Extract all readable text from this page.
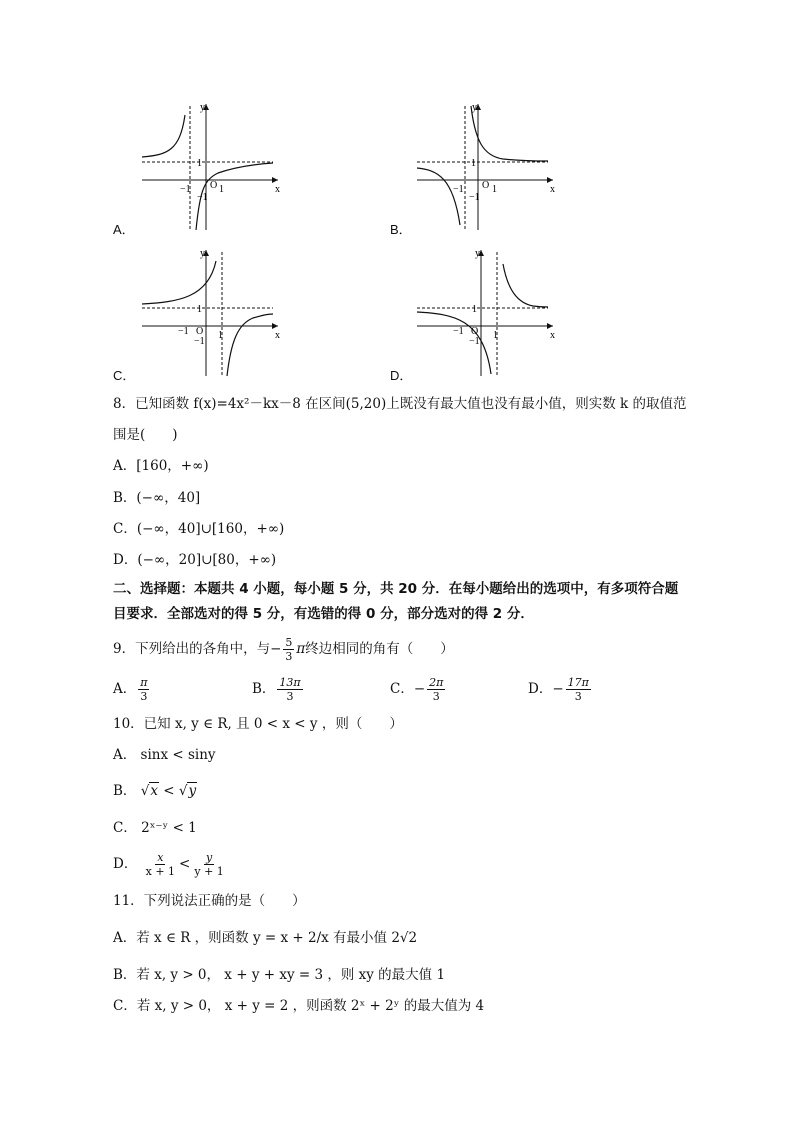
y
x
O 1
1
−1
−1
A．
y
x
O 1
1
−1
−1
B．
y
x
O 1
1
−1
−1
C．
y
x
O 1
1
−1
−1
D．
8．已知函数 f(x)=4x²－kx－8 在区间(5,20)上既没有最大值也没有最小值，则实数 k 的取值范
围是(　　)
A．[160，+∞)
B．(−∞，40]
C．(−∞，40]∪[160，+∞)
D．(−∞，20]∪[80，+∞)
二、选择题：本题共 4 小题，每小题 5 分，共 20 分．在每小题给出的选项中，有多项符合题
目要求．全部选对的得 5 分，有选错的得 0 分，部分选对的得 2 分．
9．下列给出的各角中，与− $\frac{5}{3}$ π终边相同的角有（　　）
A． $\frac{\pi}{3}$	B． $\frac{13\pi}{3}$	C．− $\frac{2\pi}{3}$	D．− $\frac{17\pi}{3}$
10．已知 x, y ∈ R, 且 0 < x < y ，则（　　）
A． sinx < siny
B． √x < √y
C． 2ˣ⁻ʸ < 1
D． $\frac{x}{x + 1} < \frac{y}{y + 1}$
11．下列说法正确的是（　　）
A．若 x ∈ R ，则函数 y = x + 2/x 有最小值 2√2
B．若 x, y > 0， x + y + xy = 3 ，则 xy 的最大值 1
C．若 x, y > 0， x + y = 2 ，则函数 2ˣ + 2ʸ 的最大值为 4
